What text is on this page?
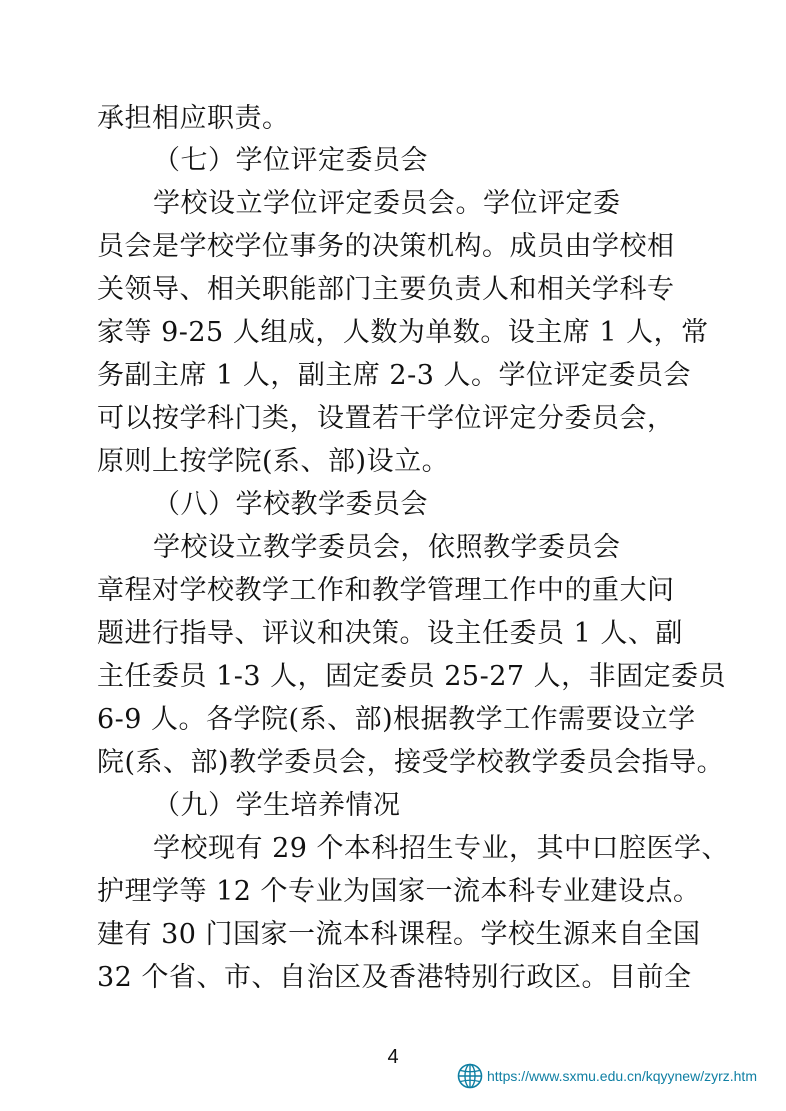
承担相应职责。
（七）学位评定委员会
学校设立学位评定委员会。学位评定委
员会是学校学位事务的决策机构。成员由学校相
关领导、相关职能部门主要负责人和相关学科专
家等 9-25 人组成，人数为单数。设主席 1 人，常
务副主席 1 人，副主席 2-3 人。学位评定委员会
可以按学科门类，设置若干学位评定分委员会，
原则上按学院(系、部)设立。
（八）学校教学委员会
学校设立教学委员会，依照教学委员会
章程对学校教学工作和教学管理工作中的重大问
题进行指导、评议和决策。设主任委员 1 人、副
主任委员 1-3 人，固定委员 25-27 人，非固定委员
6-9 人。各学院(系、部)根据教学工作需要设立学
院(系、部)教学委员会，接受学校教学委员会指导。
（九）学生培养情况
学校现有 29 个本科招生专业，其中口腔医学、
护理学等 12 个专业为国家一流本科专业建设点。
建有 30 门国家一流本科课程。学校生源来自全国
32 个省、市、自治区及香港特别行政区。目前全
4
https://www.sxmu.edu.cn/kqyynew/zyrz.htm
